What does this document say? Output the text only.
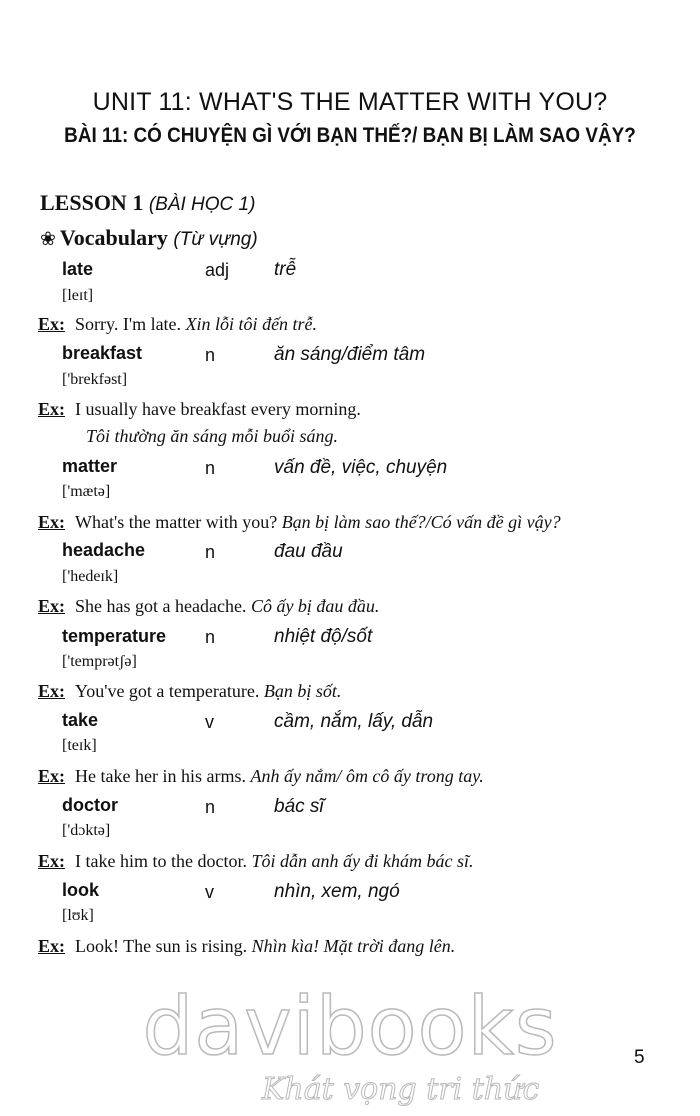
UNIT 11: WHAT'S THE MATTER WITH YOU?
BÀI 11: CÓ CHUYỆN GÌ VỚI BẠN THẾ?/ BẠN BỊ LÀM SAO VẬY?
LESSON 1 (BÀI HỌC 1)
❀ Vocabulary (Từ vựng)
late	adj trễ
[leɪt]
Ex: Sorry. I'm late. Xin lỗi tôi đến trễ.
breakfast	n	ăn sáng/điểm tâm
['brekfəst]
Ex: I usually have breakfast every morning.
Tôi thường ăn sáng mỗi buổi sáng.
matter	n	vấn đề, việc, chuyện
['mætə]
Ex: What's the matter with you? Bạn bị làm sao thế?/Có vấn đề gì vậy?
headache	n	đau đầu
['hedeɪk]
Ex: She has got a headache. Cô ấy bị đau đầu.
temperature n	nhiệt độ/sốt
['temprətʃə]
Ex: You've got a temperature. Bạn bị sốt.
take	v	cầm, nắm, lấy, dẫn
[teɪk]
Ex: He take her in his arms. Anh ấy nắm/ ôm cô ấy trong tay.
doctor	n	bác sĩ
['dɔktə]
Ex: I take him to the doctor. Tôi dẫn anh ấy đi khám bác sĩ.
look	v	nhìn, xem, ngó
[lʊk]
Ex: Look! The sun is rising. Nhìn kìa! Mặt trời đang lên.
davibooks
Khát vọng tri thức
5
